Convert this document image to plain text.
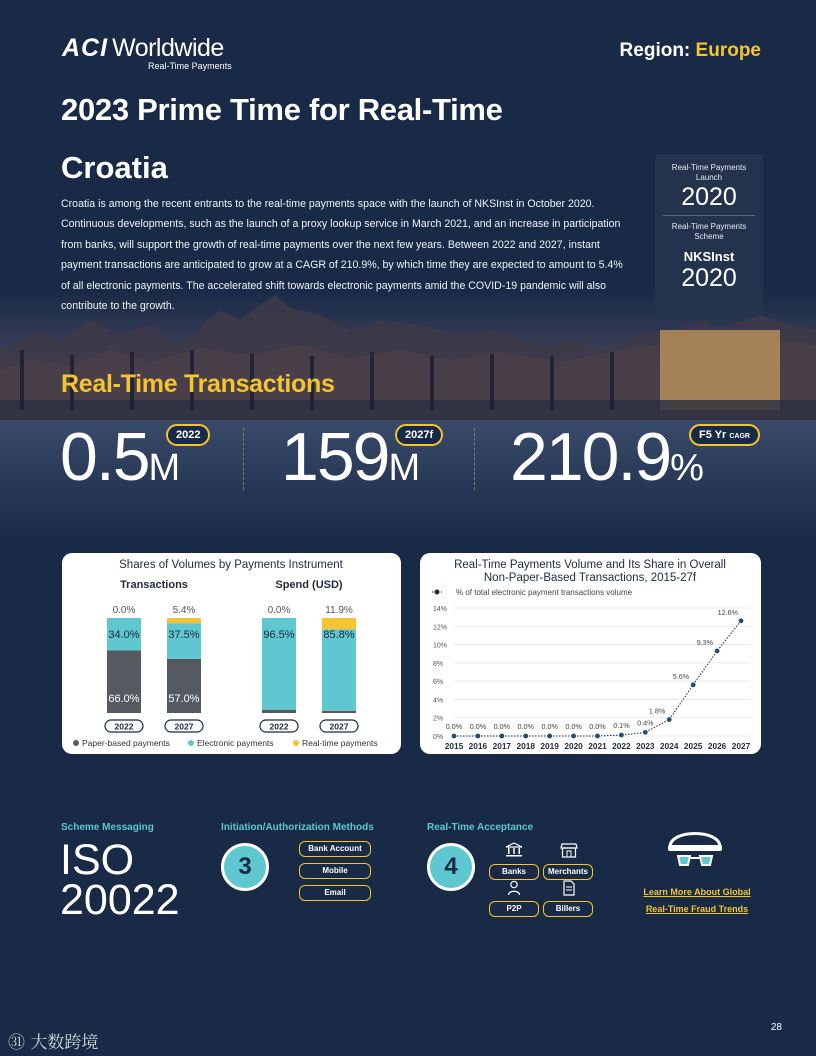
ACI Worldwide
Real-Time Payments
Region: Europe
2023 Prime Time for Real-Time
Croatia
Croatia is among the recent entrants to the real-time payments space with the launch of NKSInst in October 2020. Continuous developments, such as the launch of a proxy lookup service in March 2021, and an increase in participation from banks, will support the growth of real-time payments over the next few years. Between 2022 and 2027, instant payment transactions are anticipated to grow at a CAGR of 210.9%, by which time they are expected to amount to 5.4% of all electronic payments. The accelerated shift towards electronic payments amid the COVID-19 pandemic will also contribute to the growth.
Real-Time Payments Launch
2020
Real-Time Payments Scheme
NKSInst
2020
Real-Time Transactions
0.5M
2022 159M
2027f 210.9%
F5 Yr CAGR
Shares of Volumes by Payments Instrument
Transactions
66.0%
34.0%
0.0%
2022
57.0%
37.5%
5.4%
2027
Spend (USD)
96.5%
0.0%
2022
85.8%
11.9%
2027
Paper-based payments	Electronic payments	Real-time payments
Real-Time Payments Volume and Its Share in Overall
Non-Paper-Based Transactions, 2015-27f
% of total electronic payment transactions volume
0%
2%
4%
6%
8%
10%
12%
14%
0.0%
2015
0.0%
2016
0.0%
2017
0.0%
2018
0.0%
2019
0.0%
2020
0.0%
2021
0.1%
2022
0.4%
2023
1.8%
2024
5.6%
2025
9.3%
2026
12.6%
2027
Scheme Messaging
ISO
20022
Initiation/Authorization Methods
3
Bank Account
Mobile
Email
Real-Time Acceptance
4	Banks	Merchants
P2P	Billers
Learn More About Global
Real-Time Fraud Trends
28
㉛ 大数跨境
